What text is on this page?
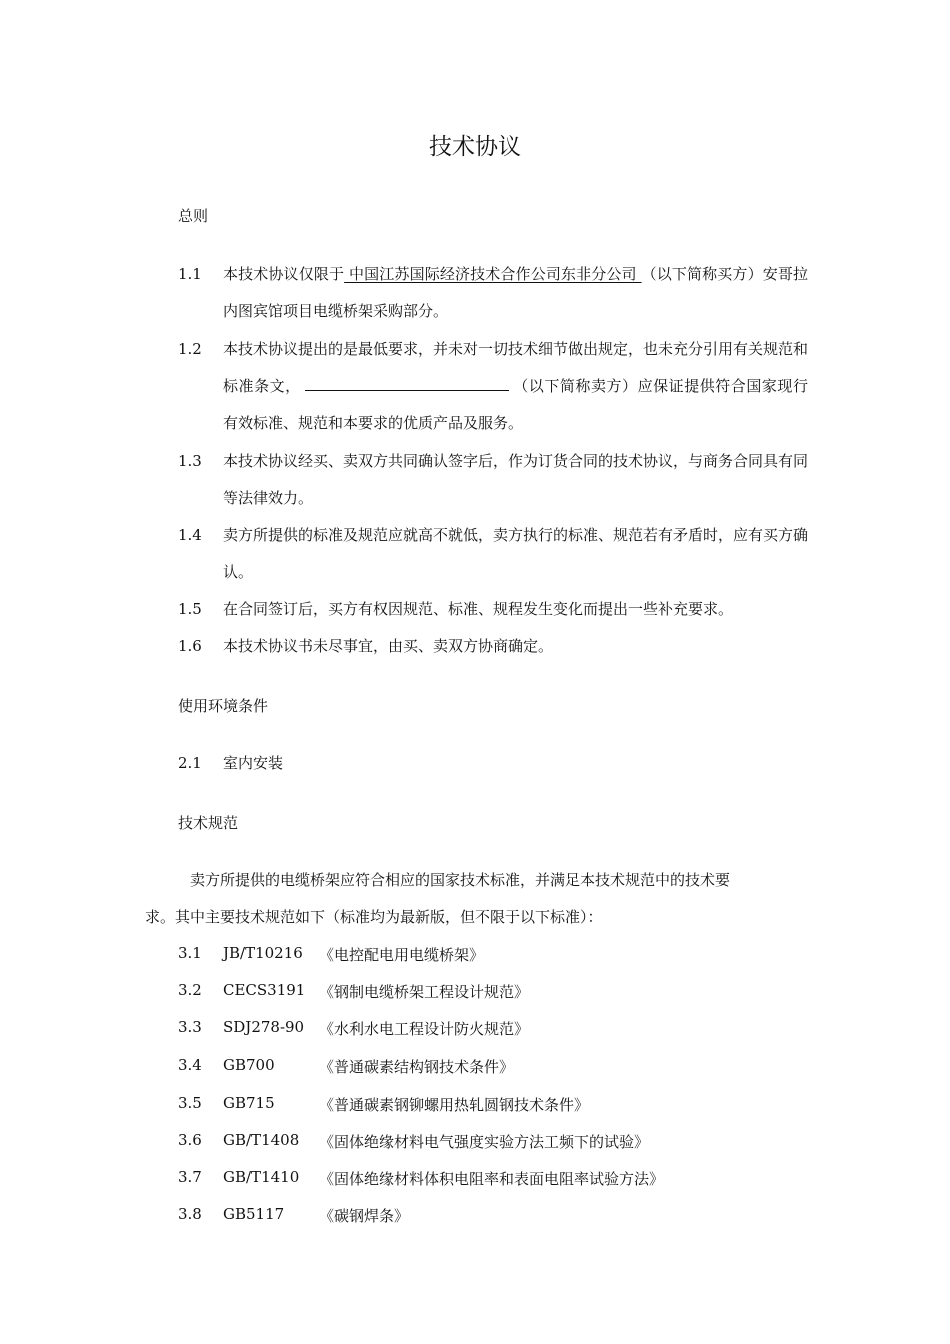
技术协议
总则
1.1	本技术协议仅限于 中国江苏国际经济技术合作公司东非分公司 （以下简称买方）安哥拉内图宾馆项目电缆桥架采购部分。
1.2	本技术协议提出的是最低要求，并未对一切技术细节做出规定，也未充分引用有关规范和标准条文，	（以下简称卖方）应保证提供符合国家现行有效标准、规范和本要求的优质产品及服务。
1.3	本技术协议经买、卖双方共同确认签字后，作为订货合同的技术协议，与商务合同具有同等法律效力。
1.4	卖方所提供的标准及规范应就高不就低，卖方执行的标准、规范若有矛盾时，应有买方确认。
1.5	在合同签订后，买方有权因规范、标准、规程发生变化而提出一些补充要求。
1.6	本技术协议书未尽事宜，由买、卖双方协商确定。
使用环境条件
2.1	室内安装
技术规范
卖方所提供的电缆桥架应符合相应的国家技术标准，并满足本技术规范中的技术要
求。其中主要技术规范如下（标准均为最新版，但不限于以下标准）：
3.1	JB/T10216	《电控配电用电缆桥架》
3.2	CECS3191 《钢制电缆桥架工程设计规范》
3.3	SDJ278-90 《水利水电工程设计防火规范》
3.4	GB700	《普通碳素结构钢技术条件》
3.5	GB715	《普通碳素钢铆螺用热轧圆钢技术条件》
3.6	GB/T1408	《固体绝缘材料电气强度实验方法工频下的试验》
3.7	GB/T1410	《固体绝缘材料体积电阻率和表面电阻率试验方法》
3.8	GB5117	《碳钢焊条》
